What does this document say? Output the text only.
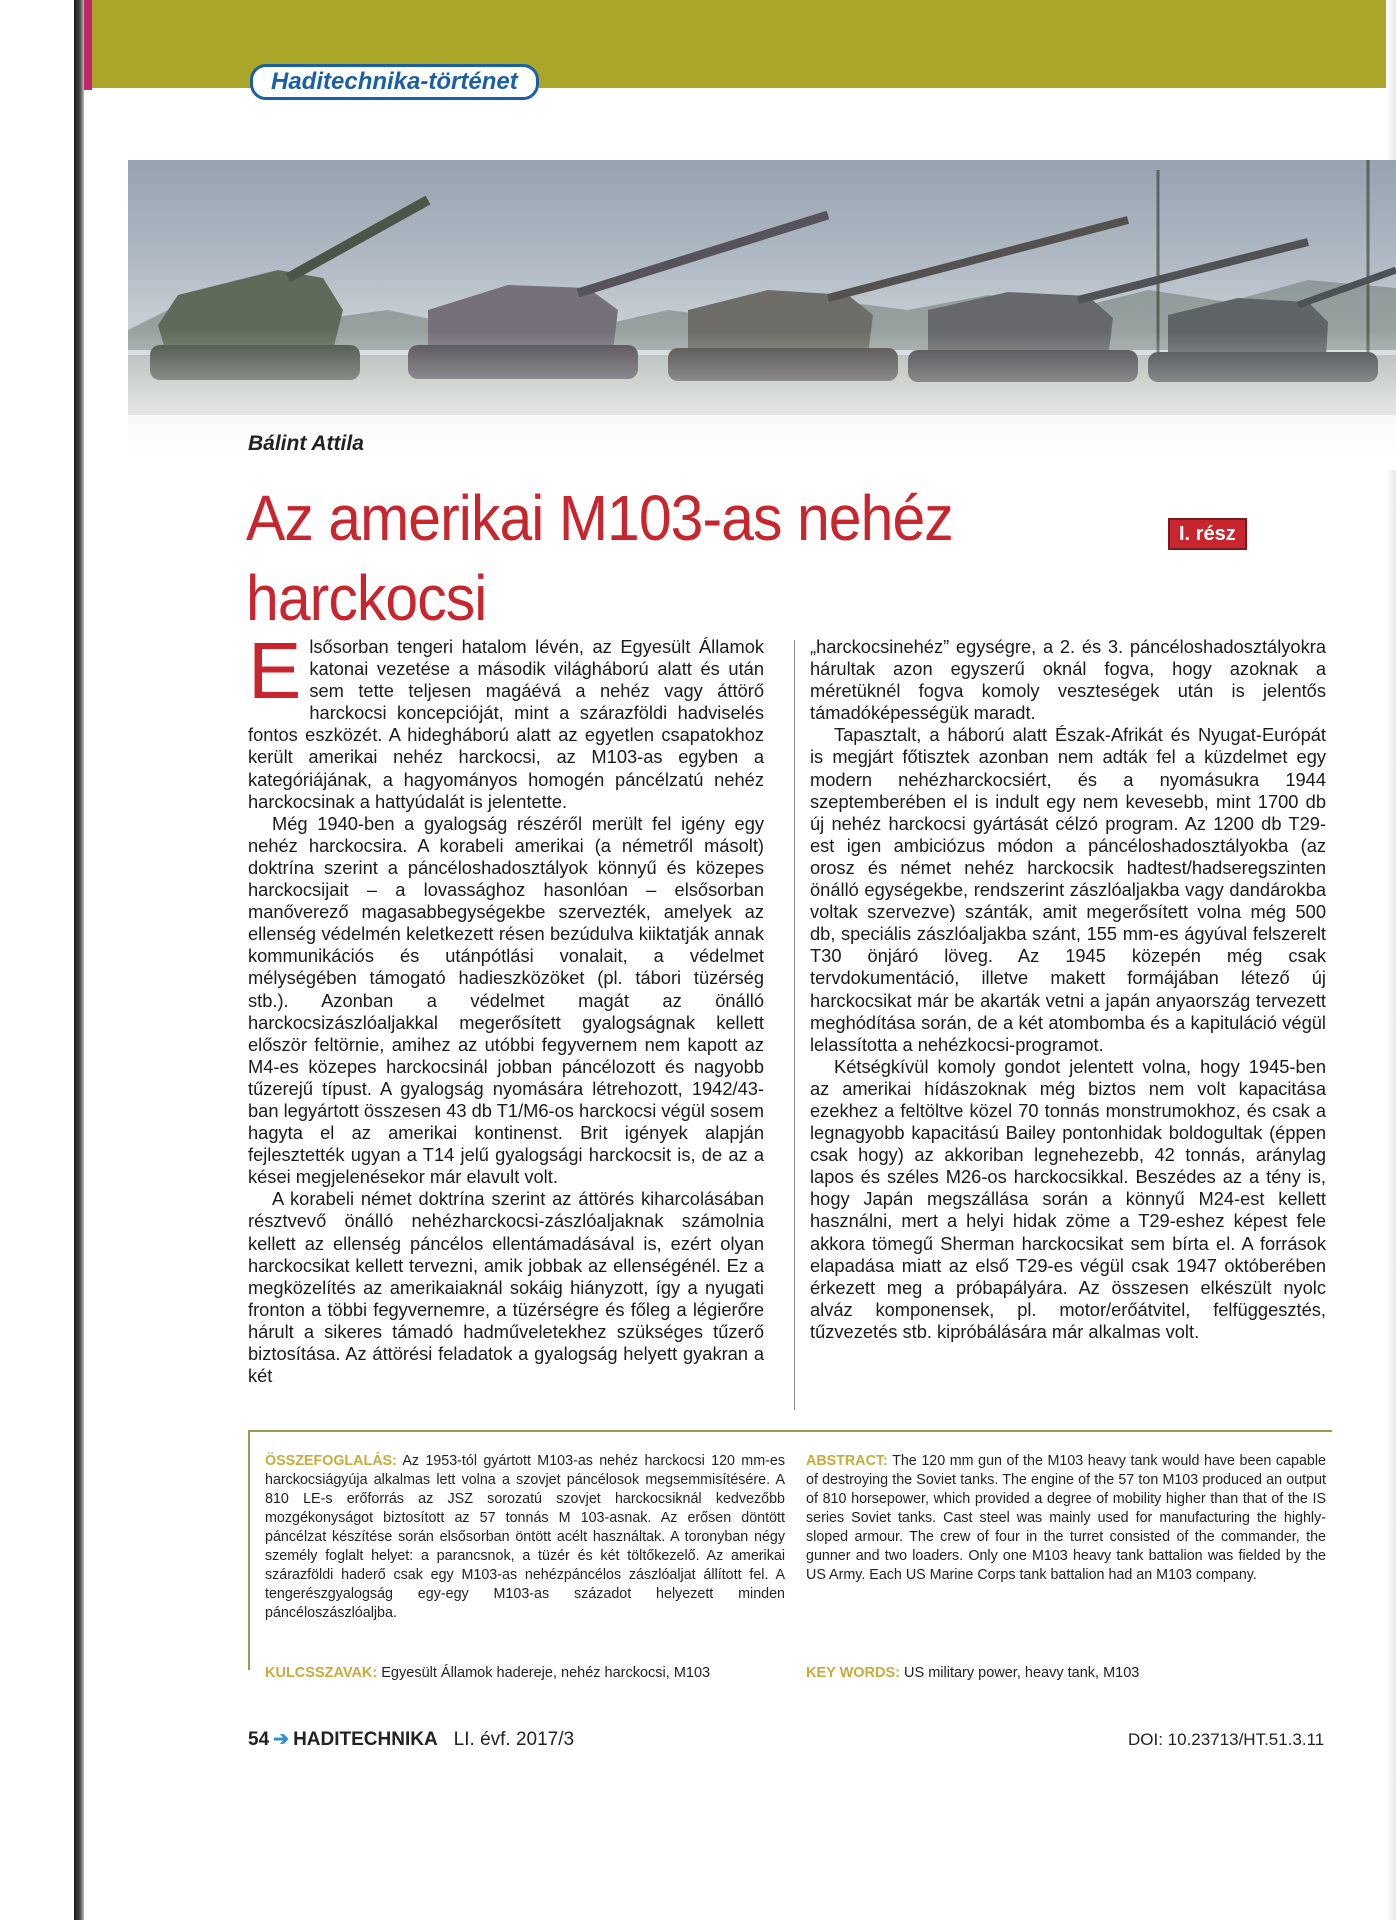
Haditechnika-történet
Bálint Attila
Az amerikai M103-as nehéz harckocsi
I. rész

Elsősorban tengeri hatalom lévén, az Egyesült Államok katonai vezetése a második világháború alatt és után sem tette teljesen magáévá a nehéz vagy áttörő harckocsi koncepcióját, mint a szárazföldi hadviselés fontos eszközét. A hidegháború alatt az egyetlen csapatokhoz került amerikai nehéz harckocsi, az M103-as egyben a kategóriájának, a hagyományos homogén páncélzatú nehéz harckocsinak a hattyúdalát is jelentette.

Még 1940-ben a gyalogság részéről merült fel igény egy nehéz harckocsira. A korabeli amerikai (a németről másolt) doktrína szerint a páncéloshadosztályok könnyű és közepes harckocsijait – a lovassághoz hasonlóan – elsősorban manőverező magasabbegységekbe szervezték, amelyek az ellenség védelmén keletkezett résen bezúdulva kiiktatják annak kommunikációs és utánpótlási vonalait, a védelmet mélységében támogató hadieszközöket (pl. tábori tüzérség stb.). Azonban a védelmet magát az önálló harckocsizászlóaljakkal megerősített gyalogságnak kellett először feltörnie, amihez az utóbbi fegyvernem nem kapott az M4-es közepes harckocsinál jobban páncélozott és nagyobb tűzerejű típust. A gyalogság nyomására létrehozott, 1942/43-ban legyártott összesen 43 db T1/M6-os harckocsi végül sosem hagyta el az amerikai kontinenst. Brit igények alapján fejlesztették ugyan a T14 jelű gyalogsági harckocsit is, de az a kései megjelenésekor már elavult volt.

A korabeli német doktrína szerint az áttörés kiharcolásában résztvevő önálló nehézharckocsi-zászlóaljaknak számolnia kellett az ellenség páncélos ellentámadásával is, ezért olyan harckocsikat kellett tervezni, amik jobbak az ellenségénél. Ez a megközelítés az amerikaiaknál sokáig hiányzott, így a nyugati fronton a többi fegyvernemre, a tüzérségre és főleg a légierőre hárult a sikeres támadó hadműveletekhez szükséges tűzerő biztosítása. Az áttörési feladatok a gyalogság helyett gyakran a két

„harckocsinehéz” egységre, a 2. és 3. páncéloshadosztályokra hárultak azon egyszerű oknál fogva, hogy azoknak a méretüknél fogva komoly veszteségek után is jelentős támadóképességük maradt.

Tapasztalt, a háború alatt Észak-Afrikát és Nyugat-Európát is megjárt főtisztek azonban nem adták fel a küzdelmet egy modern nehézharckocsiért, és a nyomásukra 1944 szeptemberében el is indult egy nem kevesebb, mint 1700 db új nehéz harckocsi gyártását célzó program. Az 1200 db T29-est igen ambiciózus módon a páncéloshadosztályokba (az orosz és német nehéz harckocsik hadtest/hadseregszinten önálló egységekbe, rendszerint zászlóaljakba vagy dandárokba voltak szervezve) szánták, amit megerősített volna még 500 db, speciális zászlóaljakba szánt, 155 mm-es ágyúval felszerelt T30 önjáró löveg. Az 1945 közepén még csak tervdokumentáció, illetve makett formájában létező új harckocsikat már be akarták vetni a japán anyaország tervezett meghódítása során, de a két atombomba és a kapituláció végül lelassította a nehézkocsi-programot.

Kétségkívül komoly gondot jelentett volna, hogy 1945-ben az amerikai hídászoknak még biztos nem volt kapacitása ezekhez a feltöltve közel 70 tonnás monstrumokhoz, és csak a legnagyobb kapacitású Bailey pontonhidak boldogultak (éppen csak hogy) az akkoriban legnehezebb, 42 tonnás, aránylag lapos és széles M26-os harckocsikkal. Beszédes az a tény is, hogy Japán megszállása során a könnyű M24-est kellett használni, mert a helyi hidak zöme a T29-eshez képest fele akkora tömegű Sherman harckocsikat sem bírta el. A források elapadása miatt az első T29-es végül csak 1947 októberében érkezett meg a próbapályára. Az összesen elkészült nyolc alváz komponensek, pl. motor/erőátvitel, felfüggesztés, tűzvezetés stb. kipróbálására már alkalmas volt.

ÖSSZEFOGLALÁS: Az 1953-tól gyártott M103-as nehéz harckocsi 120 mm-es harckocsiágyúja alkalmas lett volna a szovjet páncélosok megsemmisítésére. A 810 LE-s erőforrás az JSZ sorozatú szovjet harckocsiknál kedvezőbb mozgékonyságot biztosított az 57 tonnás M 103-asnak. Az erősen döntött páncélzat készítése során elsősorban öntött acélt használtak. A toronyban négy személy foglalt helyet: a parancsnok, a tüzér és két töltőkezelő. Az amerikai szárazföldi haderő csak egy M103-as nehézpáncélos zászlóaljat állított fel. A tengerészgyalogság egy-egy M103-as századot helyezett minden páncéloszászlóaljba.
ABSTRACT: The 120 mm gun of the M103 heavy tank would have been capable of destroying the Soviet tanks. The engine of the 57 ton M103 produced an output of 810 horsepower, which provided a degree of mobility higher than that of the IS series Soviet tanks. Cast steel was mainly used for manufacturing the highly-sloped armour. The crew of four in the turret consisted of the commander, the gunner and two loaders. Only one M103 heavy tank battalion was fielded by the US Army. Each US Marine Corps tank battalion had an M103 company.
KULCSSZAVAK: Egyesült Államok hadereje, nehéz harckocsi, M103	KEY WORDS: US military power, heavy tank, M103
54 ➔ HADITECHNIKA LI. évf. 2017/3	DOI: 10.23713/HT.51.3.11
